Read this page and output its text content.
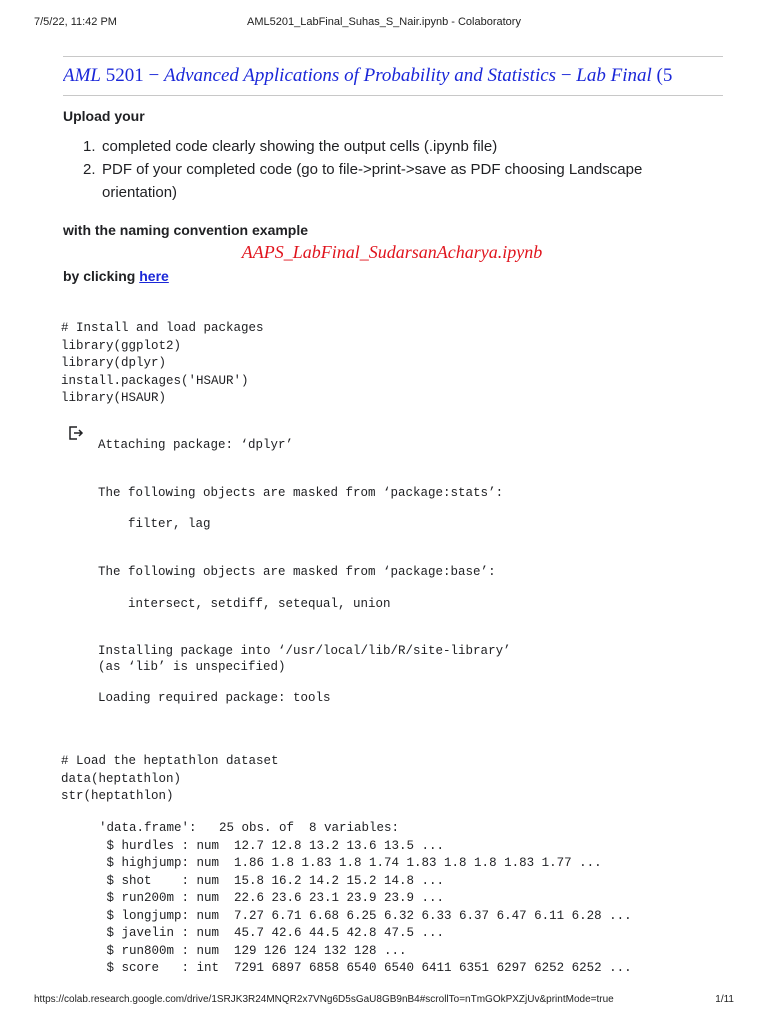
7/5/22, 11:42 PM	AML5201_LabFinal_Suhas_S_Nair.ipynb - Colaboratory
AML 5201 − Advanced Applications of Probability and Statistics − Lab Final (5
Upload your
1. completed code clearly showing the output cells (.ipynb file)
2. PDF of your completed code (go to file->print->save as PDF choosing Landscape
orientation)
with the naming convention example
AAPS_LabFinal_SudarsanAcharya.ipynb
by clicking here
# Install and load packages
library(ggplot2)
library(dplyr)
install.packages('HSAUR')
library(HSAUR)
Attaching package: ‘dplyr’
The following objects are masked from ‘package:stats’:
filter, lag
The following objects are masked from ‘package:base’:
intersect, setdiff, setequal, union
Installing package into ‘/usr/local/lib/R/site-library’
(as ‘lib’ is unspecified)
Loading required package: tools
# Load the heptathlon dataset
data(heptathlon)
str(heptathlon)
'data.frame':   25 obs. of  8 variables:
$ hurdles : num  12.7 12.8 13.2 13.6 13.5 ...
$ highjump: num  1.86 1.8 1.83 1.8 1.74 1.83 1.8 1.8 1.83 1.77 ...
$ shot    : num  15.8 16.2 14.2 15.2 14.8 ...
$ run200m : num  22.6 23.6 23.1 23.9 23.9 ...
$ longjump: num  7.27 6.71 6.68 6.25 6.32 6.33 6.37 6.47 6.11 6.28 ...
$ javelin : num  45.7 42.6 44.5 42.8 47.5 ...
$ run800m : num  129 126 124 132 128 ...
$ score   : int  7291 6897 6858 6540 6540 6411 6351 6297 6252 6252 ...
https://colab.research.google.com/drive/1SRJK3R24MNQR2x7VNg6D5sGaU8GB9nB4#scrollTo=nTmGOkPXZjUv&printMode=true	1/11
